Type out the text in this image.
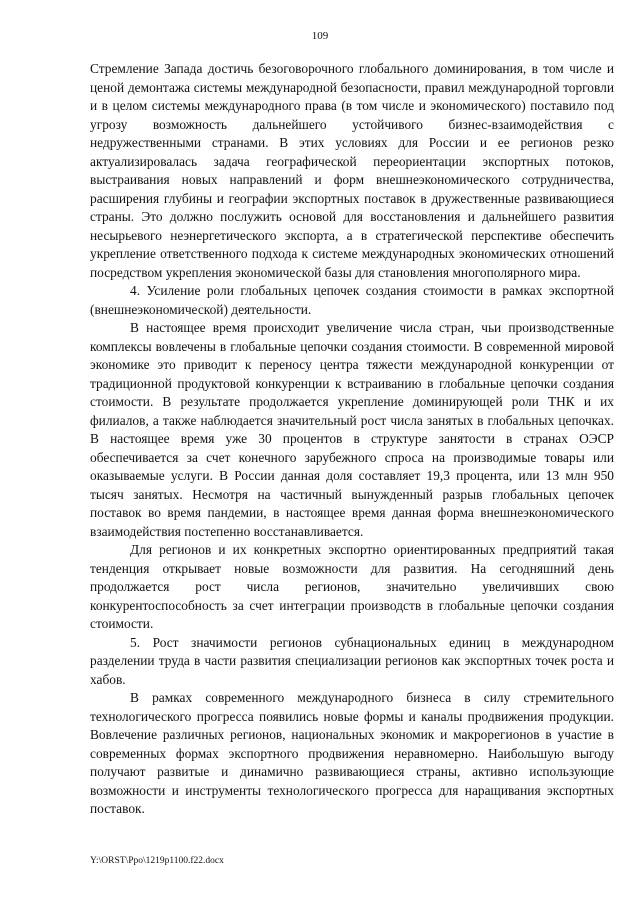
109

Стремление Запада достичь безоговорочного глобального доминирования, в том числе и ценой демонтажа системы международной безопасности, правил международной торговли и в целом системы международного права (в том числе и экономического) поставило под угрозу возможность дальнейшего устойчивого бизнес-взаимодействия с недружественными странами. В этих условиях для России и ее регионов резко актуализировалась задача географической переориентации экспортных потоков, выстраивания новых направлений и форм внешнеэкономического сотрудничества, расширения глубины и географии экспортных поставок в дружественные развивающиеся страны. Это должно послужить основой для восстановления и дальнейшего развития несырьевого неэнергетического экспорта, а в стратегической перспективе обеспечить укрепление ответственного подхода к системе международных экономических отношений посредством укрепления экономической базы для становления многополярного мира.

4. Усиление роли глобальных цепочек создания стоимости в рамках экспортной (внешнеэкономической) деятельности.

В настоящее время происходит увеличение числа стран, чьи производственные комплексы вовлечены в глобальные цепочки создания стоимости. В современной мировой экономике это приводит к переносу центра тяжести международной конкуренции от традиционной продуктовой конкуренции к встраиванию в глобальные цепочки создания стоимости. В результате продолжается укрепление доминирующей роли ТНК и их филиалов, а также наблюдается значительный рост числа занятых в глобальных цепочках. В настоящее время уже 30 процентов в структуре занятости в странах ОЭСР обеспечивается за счет конечного зарубежного спроса на производимые товары или оказываемые услуги. В России данная доля составляет 19,3 процента, или 13 млн 950 тысяч занятых. Несмотря на частичный вынужденный разрыв глобальных цепочек поставок во время пандемии, в настоящее время данная форма внешнеэкономического взаимодействия постепенно восстанавливается.

Для регионов и их конкретных экспортно ориентированных предприятий такая тенденция открывает новые возможности для развития. На сегодняшний день продолжается рост числа регионов, значительно увеличивших свою конкурентоспособность за счет интеграции производств в глобальные цепочки создания стоимости.

5. Рост значимости регионов субнациональных единиц в международном разделении труда в части развития специализации регионов как экспортных точек роста и хабов.

В рамках современного международного бизнеса в силу стремительного технологического прогресса появились новые формы и каналы продвижения продукции. Вовлечение различных регионов, национальных экономик и макрорегионов в участие в современных формах экспортного продвижения неравномерно. Наибольшую выгоду получают развитые и динамично развивающиеся страны, активно использующие возможности и инструменты технологического прогресса для наращивания экспортных поставок.

Y:\ORST\Ppo\1219p1100.f22.docx
